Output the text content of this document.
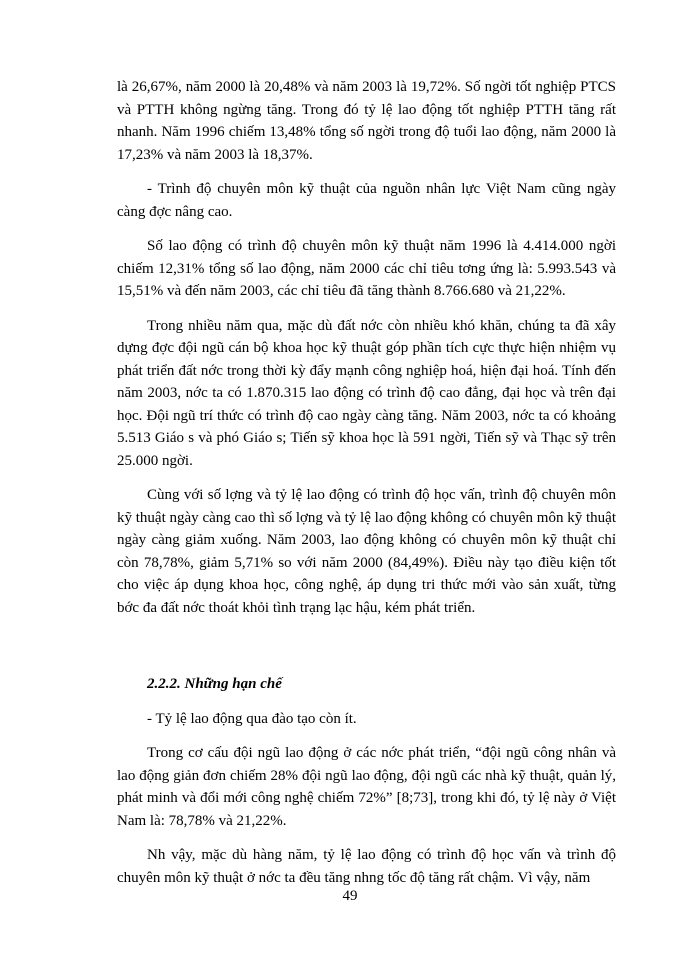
là 26,67%, năm 2000 là 20,48% và năm 2003 là 19,72%. Số ngời tốt nghiệp PTCS và PTTH không ngừng tăng. Trong đó tỷ lệ lao động tốt nghiệp PTTH tăng rất nhanh. Năm 1996 chiếm 13,48% tổng số ngời trong độ tuổi lao động, năm 2000 là 17,23% và năm 2003 là 18,37%.

- Trình độ chuyên môn kỹ thuật của nguồn nhân lực Việt Nam cũng ngày càng đợc nâng cao.

Số lao động có trình độ chuyên môn kỹ thuật năm 1996 là 4.414.000 ngời chiếm 12,31% tổng số lao động, năm 2000 các chỉ tiêu tơng ứng là: 5.993.543 và 15,51% và đến năm 2003, các chỉ tiêu đã tăng thành 8.766.680 và 21,22%.

Trong nhiều năm qua, mặc dù đất nớc còn nhiều khó khăn, chúng ta đã xây dựng đợc đội ngũ cán bộ khoa học kỹ thuật góp phần tích cực thực hiện nhiệm vụ phát triển đất nớc trong thời kỳ đẩy mạnh công nghiệp hoá, hiện đại hoá. Tính đến năm 2003, nớc ta có 1.870.315 lao động có trình độ cao đẳng, đại học và trên đại học. Đội ngũ trí thức có trình độ cao ngày càng tăng. Năm 2003, nớc ta có khoảng 5.513 Giáo s và phó Giáo s; Tiến sỹ khoa học là 591 ngời, Tiến sỹ và Thạc sỹ trên 25.000 ngời.

Cùng với số lợng và tỷ lệ lao động có trình độ học vấn, trình độ chuyên môn kỹ thuật ngày càng cao thì số lợng và tỷ lệ lao động không có chuyên môn kỹ thuật ngày càng giảm xuống. Năm 2003, lao động không có chuyên môn kỹ thuật chỉ còn 78,78%, giảm 5,71% so với năm 2000 (84,49%). Điều này tạo điều kiện tốt cho việc áp dụng khoa học, công nghệ, áp dụng tri thức mới vào sản xuất, từng bớc đa đất nớc thoát khỏi tình trạng lạc hậu, kém phát triển.

2.2.2. Những hạn chế

- Tỷ lệ lao động qua đào tạo còn ít.

Trong cơ cấu đội ngũ lao động ở các nớc phát triển, “đội ngũ công nhân và lao động giản đơn chiếm 28% đội ngũ lao động, đội ngũ các nhà kỹ thuật, quản lý, phát minh và đổi mới công nghệ chiếm 72%” [8;73], trong khi đó, tỷ lệ này ở Việt Nam là: 78,78% và 21,22%.

Nh vậy, mặc dù hàng năm, tỷ lệ lao động có trình độ học vấn và trình độ chuyên môn kỹ thuật ở nớc ta đều tăng nhng tốc độ tăng rất chậm. Vì vậy, năm

49
